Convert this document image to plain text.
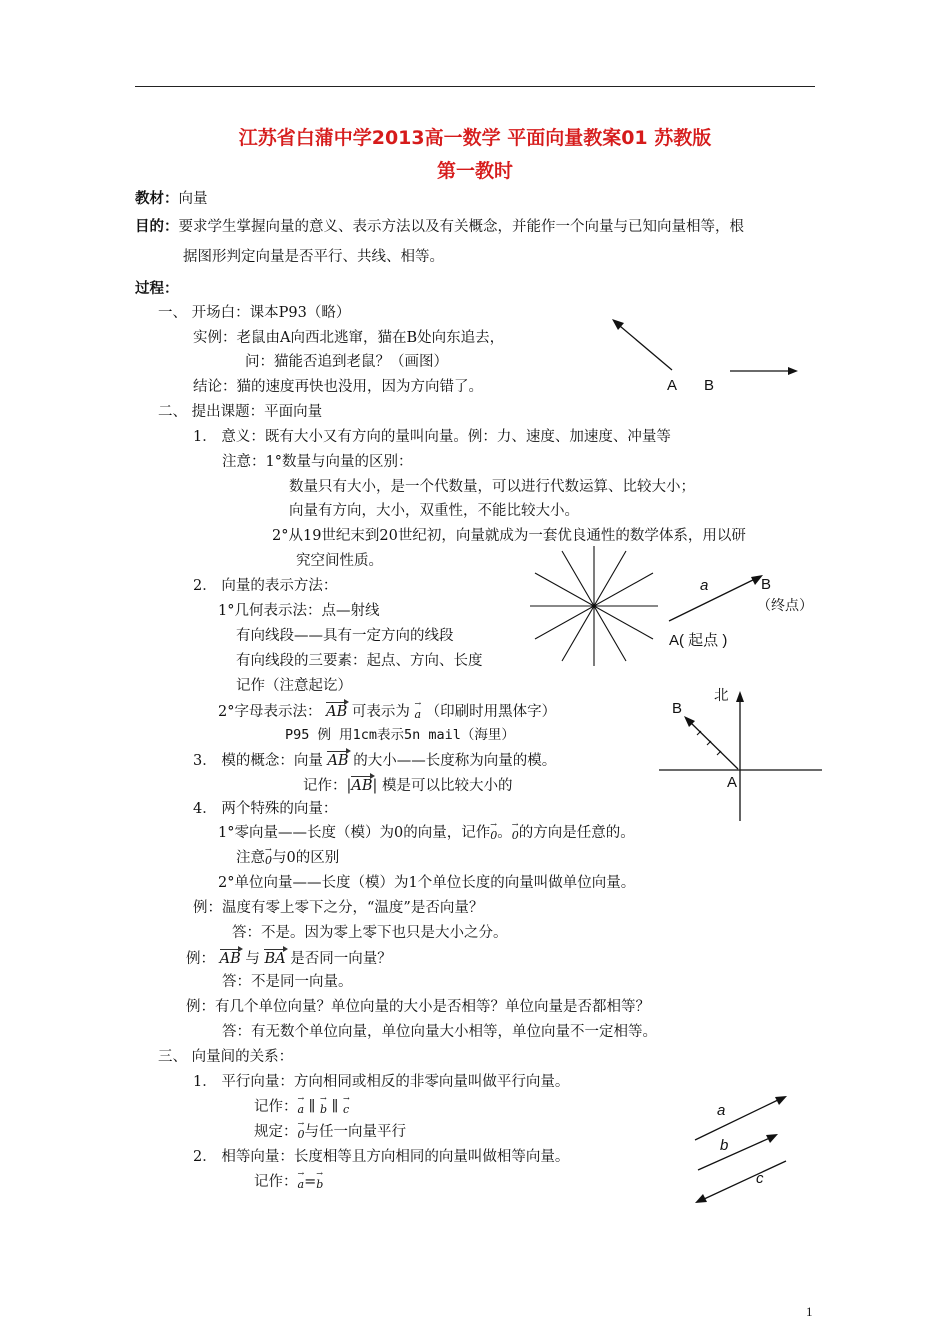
江苏省白蒲中学2013高一数学 平面向量教案01 苏教版
第一教时
教材：向量
目的：要求学生掌握向量的意义、表示方法以及有关概念，并能作一个向量与已知向量相等，根
据图形判定向量是否平行、共线、相等。
过程：
一、 开场白：课本P93（略）
实例：老鼠由A向西北逃窜，猫在B处向东追去，
问：猫能否追到老鼠？（画图）
结论：猫的速度再快也没用，因为方向错了。	A B
二、 提出课题：平面向量
1． 意义：既有大小又有方向的量叫向量。例：力、速度、加速度、冲量等
注意：1°数量与向量的区别：
数量只有大小，是一个代数量，可以进行代数运算、比较大小；
向量有方向，大小，双重性，不能比较大小。
2°从19世纪末到20世纪初，向量就成为一套优良通性的数学体系，用以研
究空间性质。
2． 向量的表示方法：
1°几何表示法：点—射线
有向线段——具有一定方向的线段
有向线段的三要素：起点、方向、长度
记作（注意起讫）
2°字母表示法： AB 可表示为 → a （印刷时用黑体字）
P95 例 用1cm表示5n mail（海里）
3． 模的概念：向量 AB 的大小——长度称为向量的模。
记作：|AB| 模是可以比较大小的
4． 两个特殊的向量：
1°零向量——长度（模）为0的向量，记作→ 0。→ 0的方向是任意的。
注意→ 0与0的区别
2°单位向量——长度（模）为1个单位长度的向量叫做单位向量。
例：温度有零上零下之分，“温度”是否向量？
答：不是。因为零上零下也只是大小之分。
例： AB 与 BA 是否同一向量？
答：不是同一向量。
例：有几个单位向量？单位向量的大小是否相等？单位向量是否都相等？
答：有无数个单位向量，单位向量大小相等，单位向量不一定相等。
a	B
（终点）
A( 起点 )
北
B
A
三、 向量间的关系：
1． 平行向量：方向相同或相反的非零向量叫做平行向量。
记作：→ a ∥ → b ∥ → c
规定：→ 0与任一向量平行
2． 相等向量：长度相等且方向相同的向量叫做相等向量。
记作：→ a=→ b
a
b
c
1
